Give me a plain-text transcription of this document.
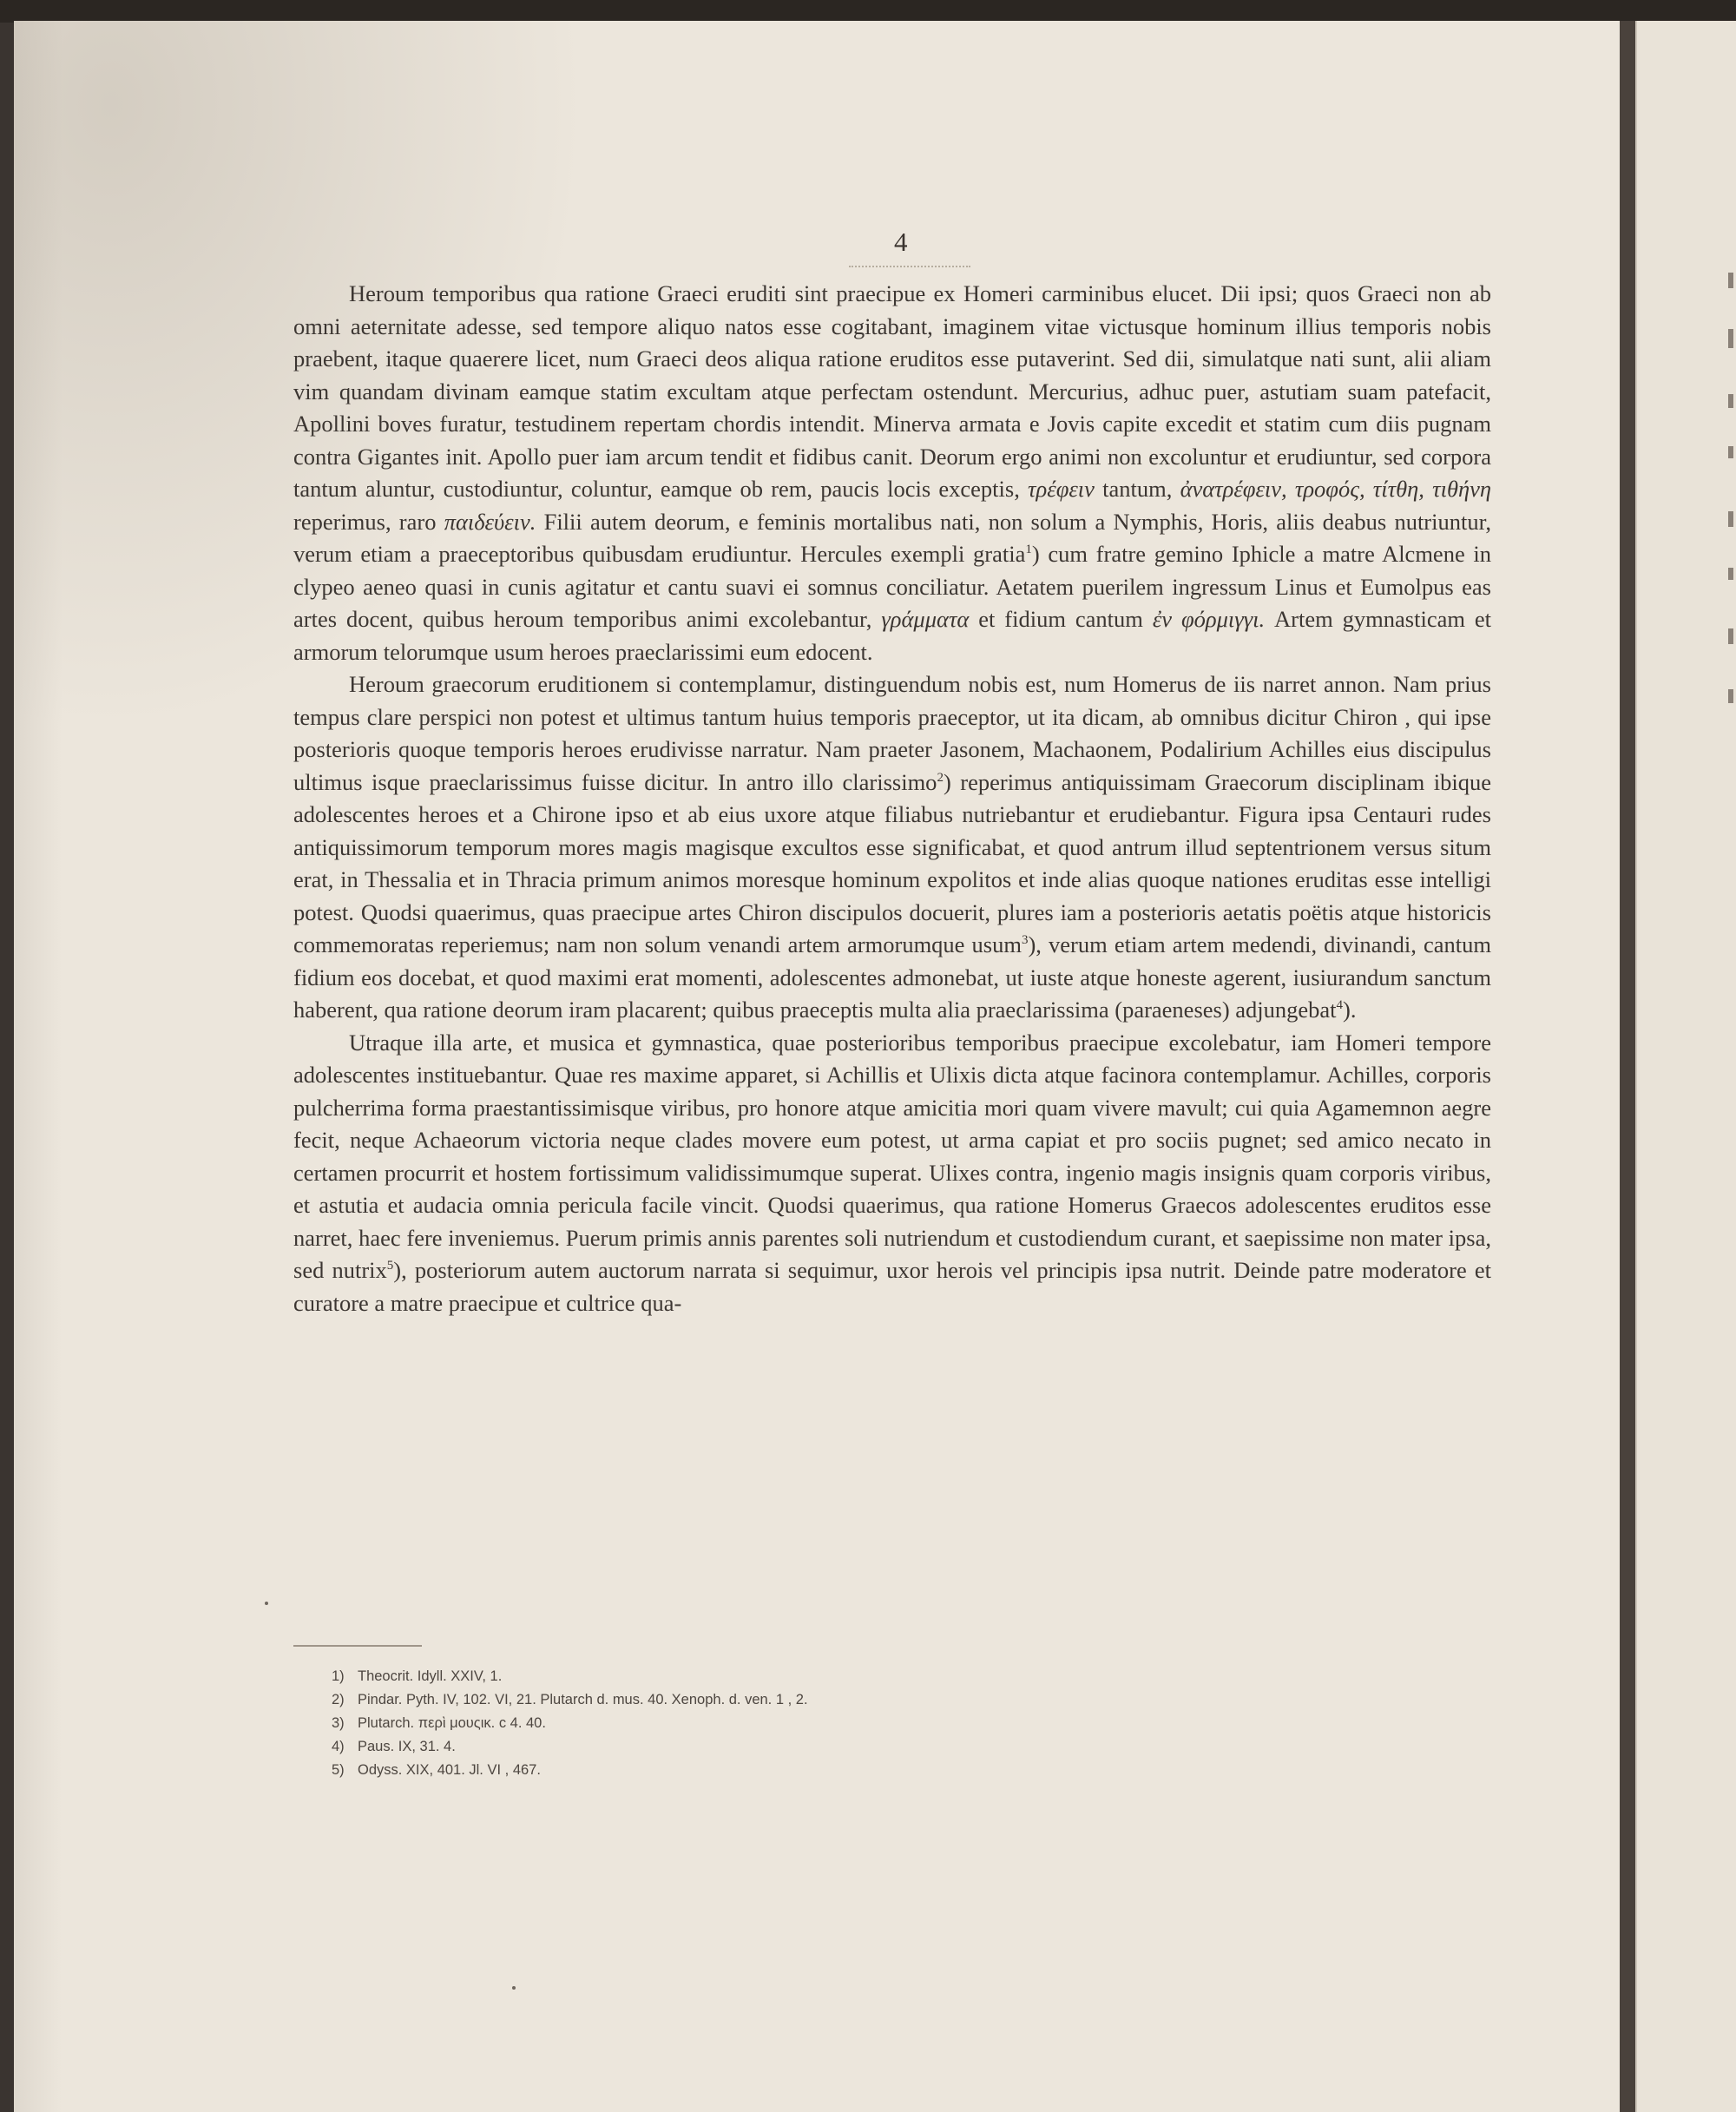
4

Heroum temporibus qua ratione Graeci eruditi sint praecipue ex Homeri carminibus elucet. Dii ipsi; quos Graeci non ab omni aeternitate adesse, sed tempore aliquo natos esse cogitabant, imaginem vitae victusque hominum illius temporis nobis praebent, itaque quaerere licet, num Graeci deos aliqua ratione eruditos esse putaverint. Sed dii, simulatque nati sunt, alii aliam vim quandam divinam eamque statim excultam atque perfectam ostendunt. Mercurius, adhuc puer, astutiam suam patefacit, Apollini boves furatur, testudinem repertam chordis intendit. Minerva armata e Jovis capite excedit et statim cum diis pugnam contra Gigantes init. Apollo puer iam arcum tendit et fidibus canit. Deorum ergo animi non excoluntur et erudiuntur, sed corpora tantum aluntur, custodiuntur, coluntur, eamque ob rem, paucis locis exceptis, τρέφειν tantum, ἀνατρέφειν, τροφός, τίτθη, τιθήνη reperimus, raro παιδεύειν. Filii autem deorum, e feminis mortalibus nati, non solum a Nymphis, Horis, aliis deabus nutriuntur, verum etiam a praeceptoribus quibusdam erudiuntur. Hercules exempli gratia$^1$) cum fratre gemino Iphicle a matre Alcmene in clypeo aeneo quasi in cunis agitatur et cantu suavi ei somnus conciliatur. Aetatem puerilem ingressum Linus et Eumolpus eas artes docent, quibus heroum temporibus animi excolebantur, γράμματα et fidium cantum ἐν φόρμιγγι. Artem gymnasticam et armorum telorumque usum heroes praeclarissimi eum edocent.

Heroum graecorum eruditionem si contemplamur, distinguendum nobis est, num Homerus de iis narret annon. Nam prius tempus clare perspici non potest et ultimus tantum huius temporis praeceptor, ut ita dicam, ab omnibus dicitur Chiron , qui ipse posterioris quoque temporis heroes erudivisse narratur. Nam praeter Jasonem, Machaonem, Podalirium Achilles eius discipulus ultimus isque praeclarissimus fuisse dicitur. In antro illo clarissimo$^2$) reperimus antiquissimam Graecorum disciplinam ibique adolescentes heroes et a Chirone ipso et ab eius uxore atque filiabus nutriebantur et erudiebantur. Figura ipsa Centauri rudes antiquissimorum temporum mores magis magisque excultos esse significabat, et quod antrum illud septentrionem versus situm erat, in Thessalia et in Thracia primum animos moresque hominum expolitos et inde alias quoque nationes eruditas esse intelligi potest. Quodsi quaerimus, quas praecipue artes Chiron discipulos docuerit, plures iam a posterioris aetatis poëtis atque historicis commemoratas reperiemus; nam non solum venandi artem armorumque usum$^3$), verum etiam artem medendi, divinandi, cantum fidium eos docebat, et quod maximi erat momenti, adolescentes admonebat, ut iuste atque honeste agerent, iusiurandum sanctum haberent, qua ratione deorum iram placarent; quibus praeceptis multa alia praeclarissima (paraeneses) adjungebat$^4$).

Utraque illa arte, et musica et gymnastica, quae posterioribus temporibus praecipue excolebatur, iam Homeri tempore adolescentes instituebantur. Quae res maxime apparet, si Achillis et Ulixis dicta atque facinora contemplamur. Achilles, corporis pulcherrima forma praestantissimisque viribus, pro honore atque amicitia mori quam vivere mavult; cui quia Agamemnon aegre fecit, neque Achaeorum victoria neque clades movere eum potest, ut arma capiat et pro sociis pugnet; sed amico necato in certamen procurrit et hostem fortissimum validissimumque superat. Ulixes contra, ingenio magis insignis quam corporis viribus, et astutia et audacia omnia pericula facile vincit. Quodsi quaerimus, qua ratione Homerus Graecos adolescentes eruditos esse narret, haec fere inveniemus. Puerum primis annis parentes soli nutriendum et custodiendum curant, et saepissime non mater ipsa, sed nutrix$^5$), posteriorum autem auctorum narrata si sequimur, uxor herois vel principis ipsa nutrit. Deinde patre moderatore et curatore a matre praecipue et cultrice qua-

1) Theocrit. Idyll. XXIV, 1.
2) Pindar. Pyth. IV, 102. VI, 21. Plutarch d. mus. 40. Xenoph. d. ven. 1 , 2.
3) Plutarch. περὶ μουςικ. c 4. 40.
4) Paus. IX, 31. 4.
5) Odyss. XIX, 401. Jl. VI , 467.
